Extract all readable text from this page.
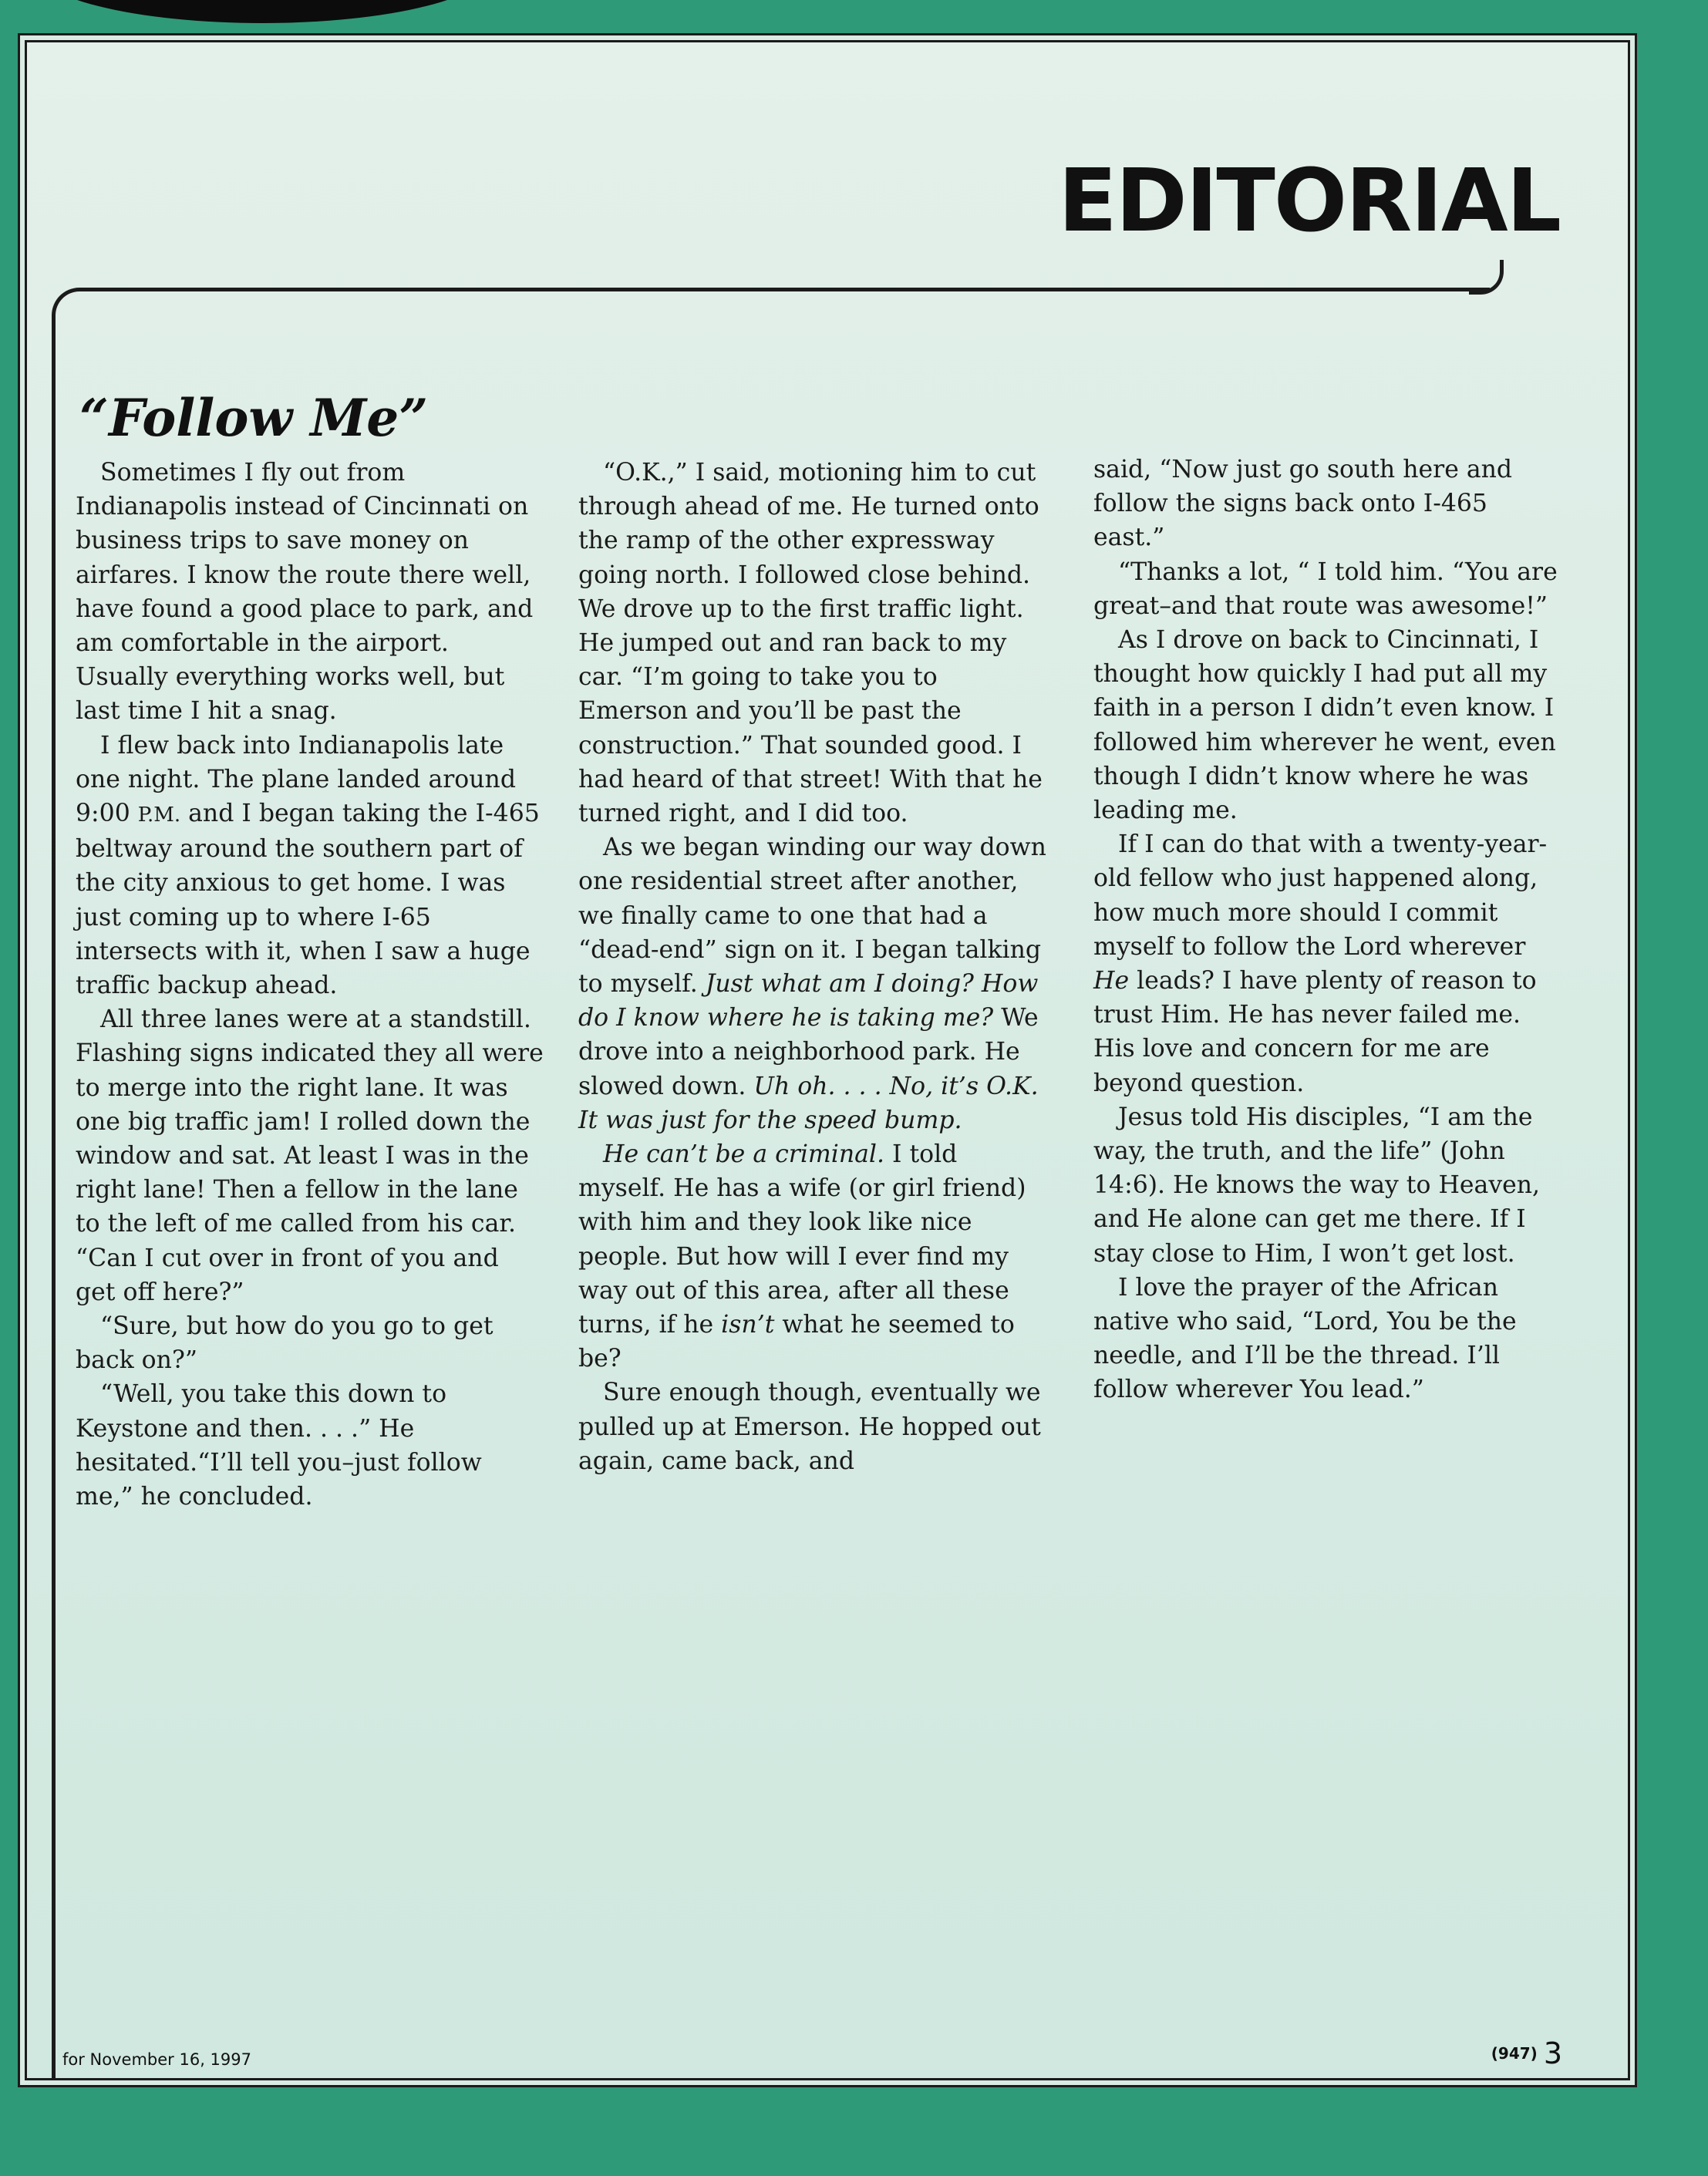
EDITORIAL
“Follow Me”

Sometimes I fly out from Indianapolis instead of Cincinnati on business trips to save money on airfares. I know the route there well, have found a good place to park, and am comfortable in the airport. Usually everything works well, but last time I hit a snag.

I flew back into Indianapolis late one night. The plane landed around 9:00 P.M. and I began taking the I-465 beltway around the southern part of the city anxious to get home. I was just coming up to where I-65 intersects with it, when I saw a huge traffic backup ahead.

All three lanes were at a standstill. Flashing signs indicated they all were to merge into the right lane. It was one big traffic jam! I rolled down the window and sat. At least I was in the right lane! Then a fellow in the lane to the left of me called from his car. “Can I cut over in front of you and get off here?”

“Sure, but how do you go to get back on?”

“Well, you take this down to Keystone and then. . . .” He hesitated.“I’ll tell you–just follow me,” he concluded.

“O.K.,” I said, motioning him to cut through ahead of me. He turned onto the ramp of the other expressway going north. I followed close behind. We drove up to the first traffic light. He jumped out and ran back to my car. “I’m going to take you to Emerson and you’ll be past the construction.” That sounded good. I had heard of that street! With that he turned right, and I did too.

As we began winding our way down one residential street after another, we finally came to one that had a “dead-end” sign on it. I began talking to myself. Just what am I doing? How do I know where he is taking me? We drove into a neighborhood park. He slowed down. Uh oh. . . . No, it’s O.K. It was just for the speed bump.

He can’t be a criminal. I told myself. He has a wife (or girl friend) with him and they look like nice people. But how will I ever find my way out of this area, after all these turns, if he isn’t what he seemed to be?

Sure enough though, eventually we pulled up at Emerson. He hopped out again, came back, and

said, “Now just go south here and follow the signs back onto I-465 east.”

“Thanks a lot, “ I told him. “You are great–and that route was awesome!”

As I drove on back to Cincinnati, I thought how quickly I had put all my faith in a person I didn’t even know. I followed him wherever he went, even though I didn’t know where he was leading me.

If I can do that with a twenty-year-old fellow who just happened along, how much more should I commit myself to follow the Lord wherever He leads? I have plenty of reason to trust Him. He has never failed me. His love and concern for me are beyond question.

Jesus told His disciples, “I am the way, the truth, and the life” (John 14:6). He knows the way to Heaven, and He alone can get me there. If I stay close to Him, I won’t get lost.

I love the prayer of the African native who said, “Lord, You be the needle, and I’ll be the thread. I’ll follow wherever You lead.”

for November 16, 1997	(947) 3
